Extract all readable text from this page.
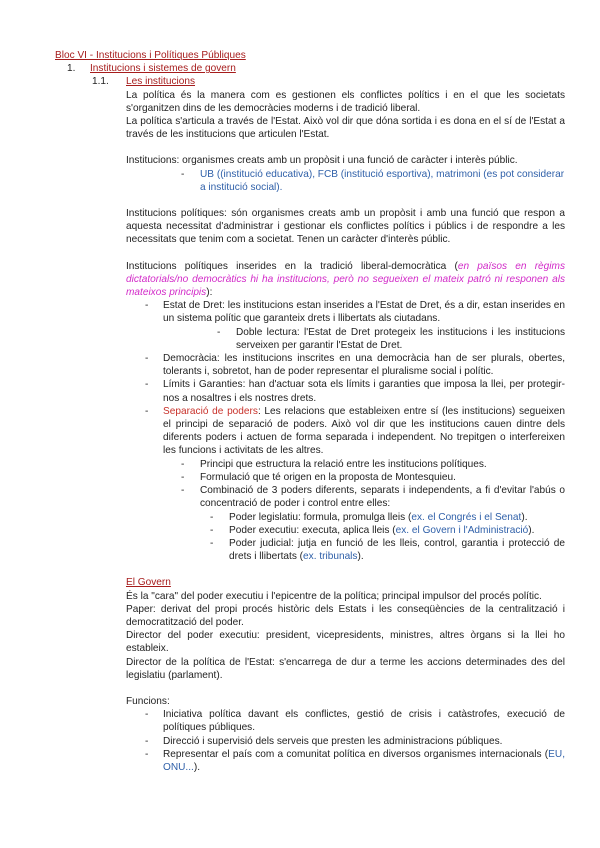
Bloc VI - Institucions i Polítiques Públiques

1. Institucions i sistemes de govern

1.1. Les institucions

La política és la manera com es gestionen els conflictes polítics i en el que les societats s'organitzen dins de les democràcies moderns i de tradició liberal.

La política s'articula a través de l'Estat. Això vol dir que dóna sortida i es dona en el sí de l'Estat a través de les institucions que articulen l'Estat.

Institucions: organismes creats amb un propòsit i una funció de caràcter i interès públic.

- UB ((institució educativa), FCB (institució esportiva), matrimoni (es pot considerar a institució social).

Institucions polítiques: són organismes creats amb un propòsit i amb una funció que respon a aquesta necessitat d'administrar i gestionar els conflictes polítics i públics i de respondre a les necessitats que tenim com a societat. Tenen un caràcter d'interès públic.

Institucions polítiques inserides en la tradició liberal-democràtica (en països en règims dictatorials/no democràtics hi ha institucions, però no segueixen el mateix patró ni responen als mateixos principis):

- Estat de Dret: les institucions estan inserides a l'Estat de Dret, és a dir, estan inserides en un sistema polític que garanteix drets i llibertats als ciutadans.
- Doble lectura: l'Estat de Dret protegeix les institucions i les institucions serveixen per garantir l'Estat de Dret.
- Democràcia: les institucions inscrites en una democràcia han de ser plurals, obertes, tolerants i, sobretot, han de poder representar el pluralisme social i polític.
- Límits i Garanties: han d'actuar sota els límits i garanties que imposa la llei, per protegir-nos a nosaltres i els nostres drets.
- Separació de poders: Les relacions que estableixen entre sí (les institucions) segueixen el principi de separació de poders. Això vol dir que les institucions cauen dintre dels diferents poders i actuen de forma separada i independent. No trepitgen o interfereixen les funcions i activitats de les altres.
- Principi que estructura la relació entre les institucions polítiques.
- Formulació que té origen en la proposta de Montesquieu.
- Combinació de 3 poders diferents, separats i independents, a fi d'evitar l'abús o concentració de poder i control entre elles:
- Poder legislatiu: formula, promulga lleis (ex. el Congrés i el Senat).
- Poder executiu: executa, aplica lleis (ex. el Govern i l'Administració).
- Poder judicial: jutja en funció de les lleis, control, garantia i protecció de drets i llibertats (ex. tribunals).

El Govern

És la "cara" del poder executiu i l'epicentre de la política; principal impulsor del procés polític.

Paper: derivat del propi procés històric dels Estats i les conseqüències de la centralització i democratització del poder.

Director del poder executiu: president, vicepresidents, ministres, altres òrgans si la llei ho estableix.

Director de la política de l'Estat: s'encarrega de dur a terme les accions determinades des del legislatiu (parlament).

Funcions:

- Iniciativa política davant els conflictes, gestió de crisis i catàstrofes, execució de polítiques públiques.
- Direcció i supervisió dels serveis que presten les administracions públiques.
- Representar el país com a comunitat política en diversos organismes internacionals (EU, ONU...).
